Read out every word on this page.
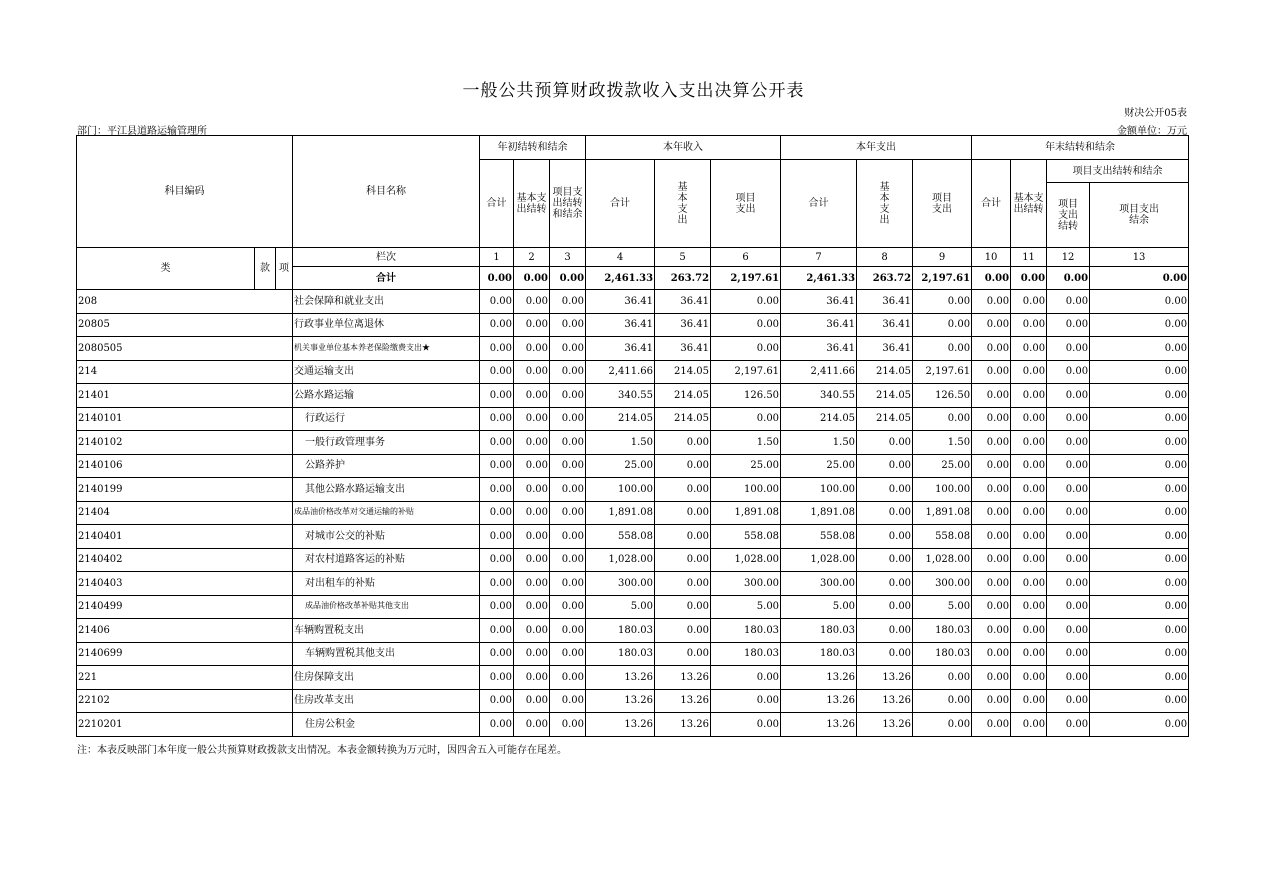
一般公共预算财政拨款收入支出决算公开表
财决公开05表
部门：平江县道路运输管理所	金额单位：万元
科目编码			科目名称	年初结转和结余			本年收入			本年支出			年末结转和结余			
				合计	基本支出结转	项目支出结转和结余	合计	基本支出	项目支出	合计	基本支出	项目支出	合计	基本支出结转	项目支出结转和结余	
															项目支出结转	项目支出结余
类	款	项	栏次	1	2	3	4	5	6	7	8	9	10	11	12	13
			合计	0.00	0.00	0.00	2,461.33	263.72	2,197.61	2,461.33	263.72	2,197.61	0.00	0.00	0.00	0.00
208			社会保障和就业支出	0.00	0.00	0.00	36.41	36.41	0.00	36.41	36.41	0.00	0.00	0.00	0.00	0.00
20805			行政事业单位离退休	0.00	0.00	0.00	36.41	36.41	0.00	36.41	36.41	0.00	0.00	0.00	0.00	0.00
2080505			机关事业单位基本养老保险缴费支出★	0.00	0.00	0.00	36.41	36.41	0.00	36.41	36.41	0.00	0.00	0.00	0.00	0.00
214			交通运输支出	0.00	0.00	0.00	2,411.66	214.05	2,197.61	2,411.66	214.05	2,197.61	0.00	0.00	0.00	0.00
21401			公路水路运输	0.00	0.00	0.00	340.55	214.05	126.50	340.55	214.05	126.50	0.00	0.00	0.00	0.00
2140101			行政运行	0.00	0.00	0.00	214.05	214.05	0.00	214.05	214.05	0.00	0.00	0.00	0.00	0.00
2140102			一般行政管理事务	0.00	0.00	0.00	1.50	0.00	1.50	1.50	0.00	1.50	0.00	0.00	0.00	0.00
2140106			公路养护	0.00	0.00	0.00	25.00	0.00	25.00	25.00	0.00	25.00	0.00	0.00	0.00	0.00
2140199			其他公路水路运输支出	0.00	0.00	0.00	100.00	0.00	100.00	100.00	0.00	100.00	0.00	0.00	0.00	0.00
21404			成品油价格改革对交通运输的补贴	0.00	0.00	0.00	1,891.08	0.00	1,891.08	1,891.08	0.00	1,891.08	0.00	0.00	0.00	0.00
2140401			对城市公交的补贴	0.00	0.00	0.00	558.08	0.00	558.08	558.08	0.00	558.08	0.00	0.00	0.00	0.00
2140402			对农村道路客运的补贴	0.00	0.00	0.00	1,028.00	0.00	1,028.00	1,028.00	0.00	1,028.00	0.00	0.00	0.00	0.00
2140403			对出租车的补贴	0.00	0.00	0.00	300.00	0.00	300.00	300.00	0.00	300.00	0.00	0.00	0.00	0.00
2140499			成品油价格改革补贴其他支出	0.00	0.00	0.00	5.00	0.00	5.00	5.00	0.00	5.00	0.00	0.00	0.00	0.00
21406			车辆购置税支出	0.00	0.00	0.00	180.03	0.00	180.03	180.03	0.00	180.03	0.00	0.00	0.00	0.00
2140699			车辆购置税其他支出	0.00	0.00	0.00	180.03	0.00	180.03	180.03	0.00	180.03	0.00	0.00	0.00	0.00
221			住房保障支出	0.00	0.00	0.00	13.26	13.26	0.00	13.26	13.26	0.00	0.00	0.00	0.00	0.00
22102			住房改革支出	0.00	0.00	0.00	13.26	13.26	0.00	13.26	13.26	0.00	0.00	0.00	0.00	0.00
2210201			住房公积金	0.00	0.00	0.00	13.26	13.26	0.00	13.26	13.26	0.00	0.00	0.00	0.00	0.00
注：本表反映部门本年度一般公共预算财政拨款支出情况。本表金额转换为万元时，因四舍五入可能存在尾差。
